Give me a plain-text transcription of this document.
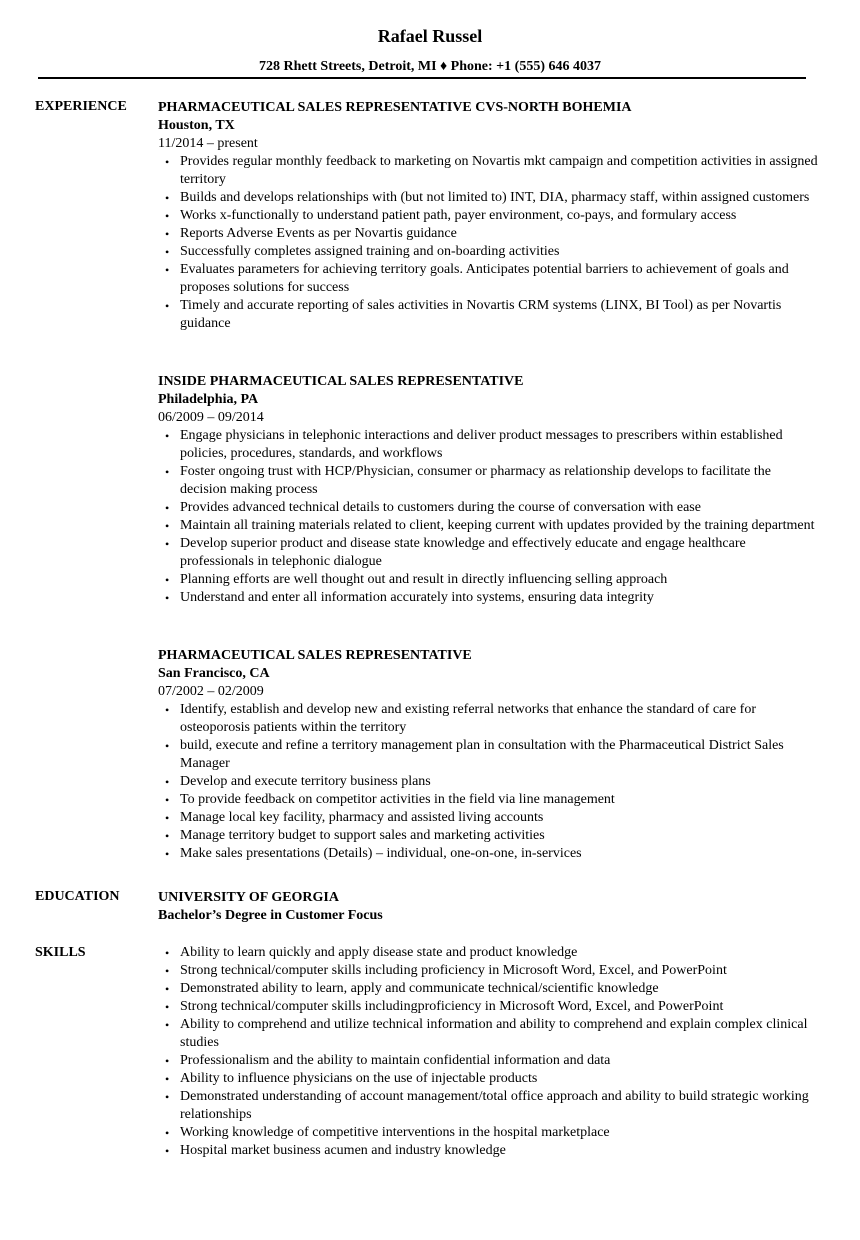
Rafael Russel
728 Rhett Streets, Detroit, MI ♦ Phone: +1 (555) 646 4037
EXPERIENCE PHARMACEUTICAL SALES REPRESENTATIVE CVS-NORTH BOHEMIA
Houston, TX
11/2014 – present
• Provides regular monthly feedback to marketing on Novartis mkt campaign and competition activities in assigned territory
• Builds and develops relationships with (but not limited to) INT, DIA, pharmacy staff, within assigned customers
• Works x-functionally to understand patient path, payer environment, co-pays, and formulary access
• Reports Adverse Events as per Novartis guidance
• Successfully completes assigned training and on-boarding activities
• Evaluates parameters for achieving territory goals. Anticipates potential barriers to achievement of goals and proposes solutions for success
• Timely and accurate reporting of sales activities in Novartis CRM systems (LINX, BI Tool) as per Novartis guidance
INSIDE PHARMACEUTICAL SALES REPRESENTATIVE
Philadelphia, PA
06/2009 – 09/2014
• Engage physicians in telephonic interactions and deliver product messages to prescribers within established policies, procedures, standards, and workflows
• Foster ongoing trust with HCP/Physician, consumer or pharmacy as relationship develops to facilitate the decision making process
• Provides advanced technical details to customers during the course of conversation with ease
• Maintain all training materials related to client, keeping current with updates provided by the training department
• Develop superior product and disease state knowledge and effectively educate and engage healthcare professionals in telephonic dialogue
• Planning efforts are well thought out and result in directly influencing selling approach
• Understand and enter all information accurately into systems, ensuring data integrity
PHARMACEUTICAL SALES REPRESENTATIVE
San Francisco, CA
07/2002 – 02/2009
• Identify, establish and develop new and existing referral networks that enhance the standard of care for osteoporosis patients within the territory
• build, execute and refine a territory management plan in consultation with the Pharmaceutical District Sales Manager
• Develop and execute territory business plans
• To provide feedback on competitor activities in the field via line management
• Manage local key facility, pharmacy and assisted living accounts
• Manage territory budget to support sales and marketing activities
• Make sales presentations (Details) – individual, one-on-one, in-services
EDUCATION	UNIVERSITY OF GEORGIA
Bachelor’s Degree in Customer Focus
SKILLS
•	Ability to learn quickly and apply disease state and product knowledge
• Strong technical/computer skills including proficiency in Microsoft Word, Excel, and PowerPoint
• Demonstrated ability to learn, apply and communicate technical/scientific knowledge
• Strong technical/computer skills includingproficiency in Microsoft Word, Excel, and PowerPoint
• Ability to comprehend and utilize technical information and ability to comprehend and explain complex clinical studies
• Professionalism and the ability to maintain confidential information and data
• Ability to influence physicians on the use of injectable products
• Demonstrated understanding of account management/total office approach and ability to build strategic working relationships
• Working knowledge of competitive interventions in the hospital marketplace
• Hospital market business acumen and industry knowledge
